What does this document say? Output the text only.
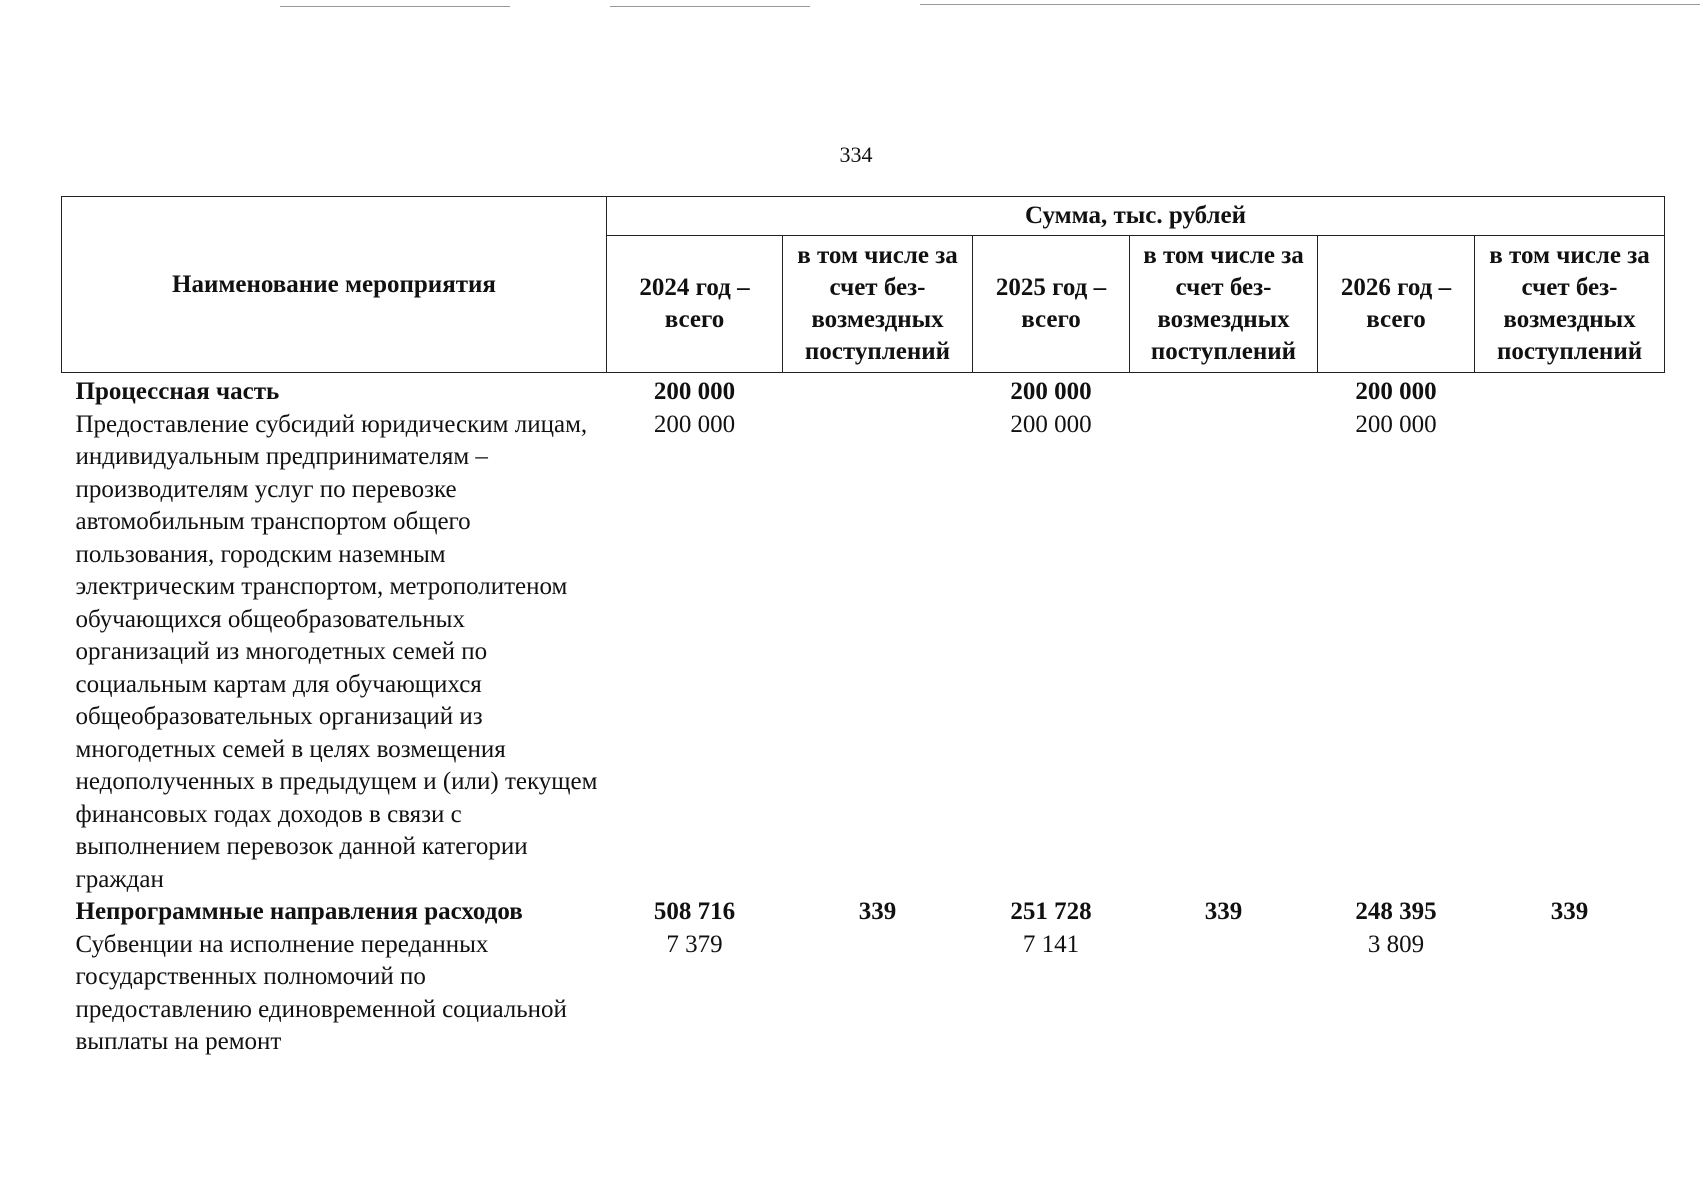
334
Наименование мероприятия	Сумма, тыс. рублей					
	2024 год – всего	в том числе за счет без-возмездных поступлений	2025 год – всего	в том числе за счет без-возмездных поступлений	2026 год – всего	в том числе за счет без-возмездных поступлений
Процессная часть	200 000		200 000		200 000	
Предоставление субсидий юридическим лицам, индивидуальным предпринимателям – производителям услуг по перевозке автомобильным транспортом общего пользования, городским наземным электрическим транспортом, метрополитеном обучающихся общеобразовательных организаций из многодетных семей по социальным картам для обучающихся общеобразовательных организаций из многодетных семей в целях возмещения недополученных в предыдущем и (или) текущем финансовых годах доходов в связи с выполнением перевозок данной категории граждан	200 000		200 000		200 000	
Непрограммные направления расходов	508 716	339	251 728	339	248 395	339
Субвенции на исполнение переданных государственных полномочий по предоставлению единовременной социальной выплаты на ремонт	7 379		7 141		3 809	
